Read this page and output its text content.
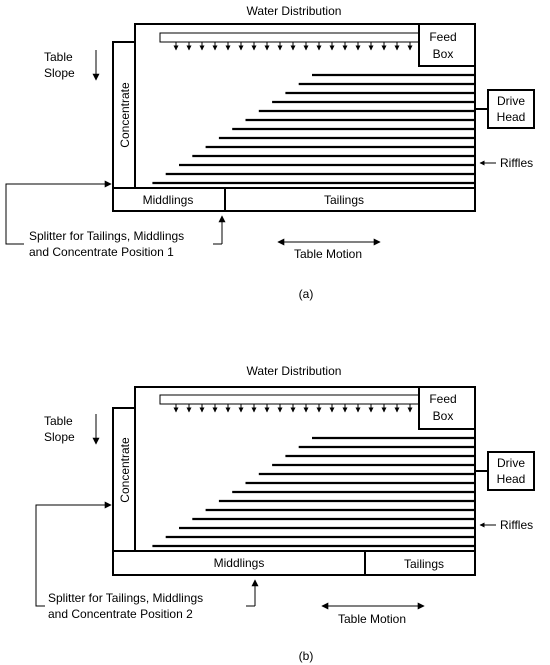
Water Distribution
Concentrate
Feed
Box
Middlings	Tailings
Table
Slope
Drive
Head
Riffles
Splitter for Tailings, Middlings
and Concentrate Position 1	Table Motion
(a)
Water Distribution
Concentrate
Feed
Box
Middlings	Tailings
Table
Slope
Drive
Head
Riffles
Splitter for Tailings, Middlings
and Concentrate Position 2	Table Motion
(b)
